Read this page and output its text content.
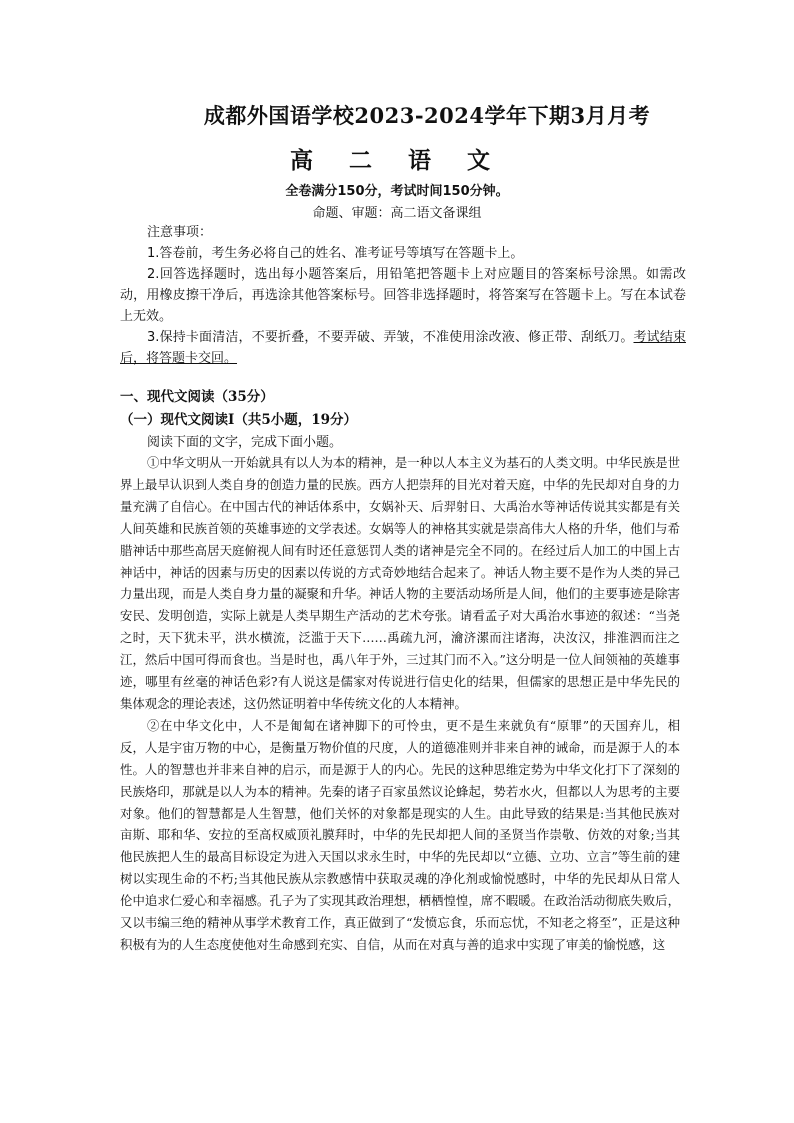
成都外国语学校2023-2024学年下期3月月考
高 二 语 文
全卷满分150分，考试时间150分钟。
命题、审题：高二语文备课组
注意事项：

1.答卷前，考生务必将自己的姓名、准考证号等填写在答题卡上。

2.回答选择题时，选出每小题答案后，用铅笔把答题卡上对应题目的答案标号涂黑。如需改动，用橡皮擦干净后，再选涂其他答案标号。回答非选择题时，将答案写在答题卡上。写在本试卷上无效。

3.保持卡面清洁，不要折叠，不要弄破、弄皱，不准使用涂改液、修正带、刮纸刀。考试结束后，将答题卡交回。

一、现代文阅读（35分）
（一）现代文阅读Ⅰ（共5小题，19分）
阅读下面的文字，完成下面小题。

①中华文明从一开始就具有以人为本的精神，是一种以人本主义为基石的人类文明。中华民族是世界上最早认识到人类自身的创造力量的民族。西方人把崇拜的目光对着天庭，中华的先民却对自身的力量充满了自信心。在中国古代的神话体系中，女娲补天、后羿射日、大禹治水等神话传说其实都是有关人间英雄和民族首领的英雄事迹的文学表述。女娲等人的神格其实就是崇高伟大人格的升华，他们与希腊神话中那些高居天庭俯视人间有时还任意惩罚人类的诸神是完全不同的。在经过后人加工的中国上古神话中，神话的因素与历史的因素以传说的方式奇妙地结合起来了。神话人物主要不是作为人类的异己力量出现，而是人类自身力量的凝聚和升华。神话人物的主要活动场所是人间，他们的主要事迹是除害安民、发明创造，实际上就是人类早期生产活动的艺术夸张。请看孟子对大禹治水事迹的叙述：“当尧之时，天下犹未平，洪水横流，泛滥于天下……禹疏九河，瀹济漯而注诸海，决汝汉，排淮泗而注之江，然后中国可得而食也。当是时也，禹八年于外，三过其门而不入。”这分明是一位人间领袖的英雄事迹，哪里有丝毫的神话色彩?有人说这是儒家对传说进行信史化的结果，但儒家的思想正是中华先民的集体观念的理论表述，这仍然证明着中华传统文化的人本精神。

②在中华文化中，人不是匍匐在诸神脚下的可怜虫，更不是生来就负有“原罪”的天国弃儿，相反，人是宇宙万物的中心，是衡量万物价值的尺度，人的道德准则并非来自神的诫命，而是源于人的本性。人的智慧也并非来自神的启示，而是源于人的内心。先民的这种思维定势为中华文化打下了深刻的民族烙印，那就是以人为本的精神。先秦的诸子百家虽然议论蜂起，势若水火，但都以人为思考的主要对象。他们的智慧都是人生智慧，他们关怀的对象都是现实的人生。由此导致的结果是:当其他民族对亩斯、耶和华、安拉的至高权威顶礼膜拜时，中华的先民却把人间的圣贤当作崇敬、仿效的对象;当其他民族把人生的最高目标设定为进入天国以求永生时，中华的先民却以“立德、立功、立言”等生前的建树以实现生命的不朽;当其他民族从宗教感情中获取灵魂的净化剂或愉悦感时，中华的先民却从日常人伦中追求仁爱心和幸福感。孔子为了实现其政治理想，栖栖惶惶，席不暇暖。在政治活动彻底失败后，又以韦编三绝的精神从事学术教育工作，真正做到了“发愤忘食，乐而忘忧，不知老之将至”，正是这种积极有为的人生态度使他对生命感到充实、自信，从而在对真与善的追求中实现了审美的愉悦感，这
